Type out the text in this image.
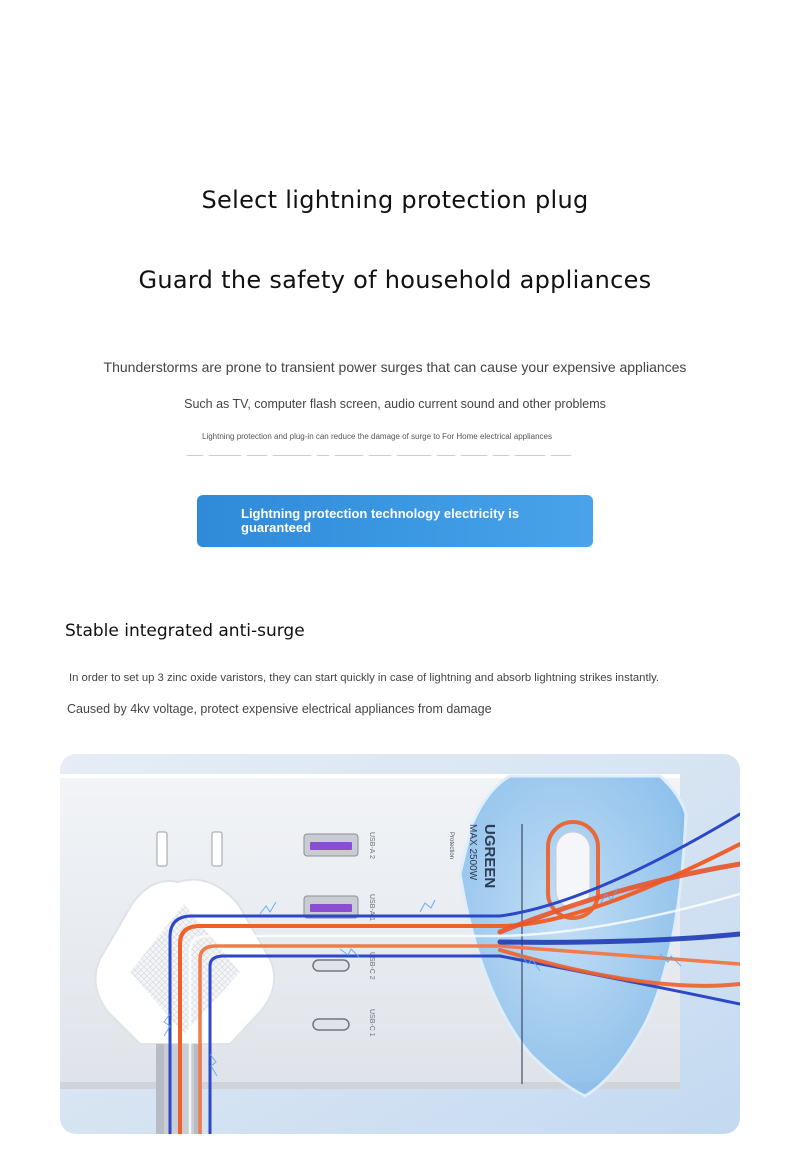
Select lightning protection plug
Guard the safety of household appliances
Thunderstorms are prone to transient power surges that can cause your expensive appliances
Such as TV, computer flash screen, audio current sound and other problems
Lightning protection and plug-in can reduce the damage of surge to For Home electrical appliances
Lightning protection technology electricity is guaranteed
Stable integrated anti-surge
In order to set up 3 zinc oxide varistors, they can start quickly in case of lightning and absorb lightning strikes instantly.
Caused by 4kv voltage, protect expensive electrical appliances from damage
USB-A 2
USB-A 1
USB-C 2
USB-C 1
UGREEN
MAX 2500W
Protection
